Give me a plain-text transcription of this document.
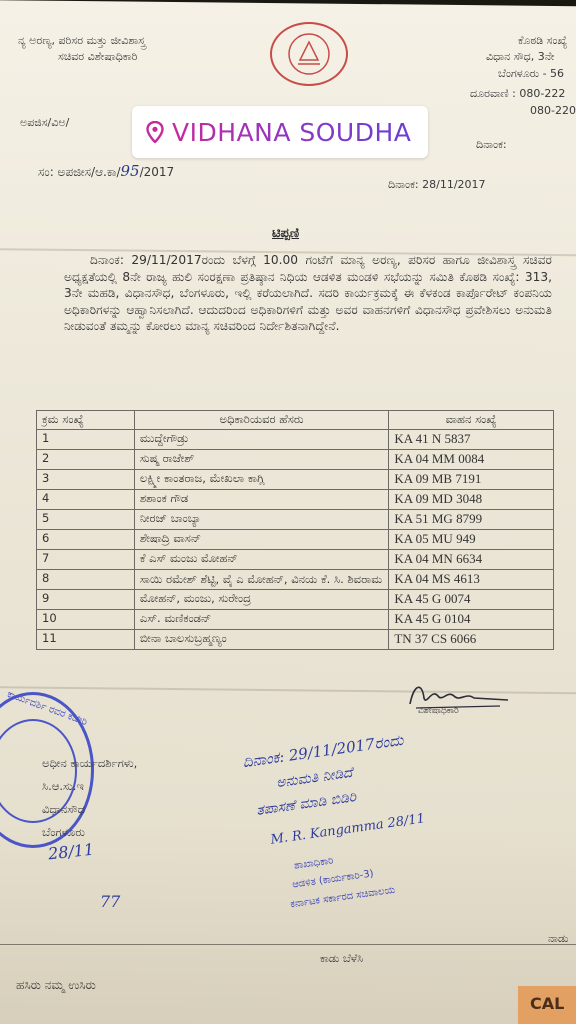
ನ್ಯ ಅರಣ್ಯ, ಪರಿಸರ ಮತ್ತು ಜೀವಿಶಾಸ್ತ್ರ
ಸಚಿವರ ವಿಶೇಷಾಧಿಕಾರಿ
ಕೊಠಡಿ ಸಂಖ್ಯೆ
ವಿಧಾನ ಸೌಧ, 3ನೇ
ಬೆಂಗಳೂರು - 56
ದೂರವಾಣಿ : 080-222
080-220
ಅಪಜಿಸ/ವಿಅ/
ಸಂ: ಅಪಜೀಸ/ಆ.ಕಾ/95/2017
ದಿನಾಂಕ:
ದಿನಾಂಕ: 28/11/2017
VIDHANA SOUDHA
ಟಿಪ್ಪಣಿ

ದಿನಾಂಕ: 29/11/2017ರಂದು ಬೆಳಗ್ಗೆ 10.00 ಗಂಟೆಗೆ ಮಾನ್ಯ ಅರಣ್ಯ, ಪರಿಸರ ಹಾಗೂ ಜೀವಿಶಾಸ್ತ್ರ ಸಚಿವರ ಅಧ್ಯಕ್ಷತೆಯಲ್ಲಿ 8ನೇ ರಾಜ್ಯ ಹುಲಿ ಸಂರಕ್ಷಣಾ ಪ್ರತಿಷ್ಠಾನ ನಿಧಿಯ ಆಡಳಿತ ಮಂಡಳಿ ಸಭೆಯನ್ನು ಸಮಿತಿ ಕೊಠಡಿ ಸಂಖ್ಯೆ: 313, 3ನೇ ಮಹಡಿ, ವಿಧಾನಸೌಧ, ಬೆಂಗಳೂರು, ಇಲ್ಲಿ ಕರೆಯಲಾಗಿದೆ. ಸದರಿ ಕಾರ್ಯಕ್ರಮಕ್ಕೆ ಈ ಕೆಳಕಂಡ ಕಾರ್ಪೊರೇಟ್ ಕಂಪನಿಯ ಅಧಿಕಾರಿಗಳನ್ನು ಆಹ್ವಾನಿಸಲಾಗಿದೆ. ಆದುದರಿಂದ ಅಧಿಕಾರಿಗಳಿಗೆ ಮತ್ತು ಅವರ ವಾಹನಗಳಿಗೆ ವಿಧಾನಸೌಧ ಪ್ರವೇಶಿಸಲು ಅನುಮತಿ ನೀಡುವಂತೆ ತಮ್ಮನ್ನು ಕೋರಲು ಮಾನ್ಯ ಸಚಿವರಿಂದ ನಿರ್ದೇಶಿತನಾಗಿದ್ದೇನೆ.

ಕ್ರಮ ಸಂಖ್ಯೆ	ಅಧಿಕಾರಿಯವರ ಹೆಸರು	ವಾಹನ ಸಂಖ್ಯೆ
1	ಮುದ್ದೇಗೌಡ್ರು	KA 41 N 5837
2	ಸುಷ್ಮ ರಾಜೇಶ್	KA 04 MM 0084
3	ಲಕ್ಷ್ಮೀ ಕಾಂತರಾಜ, ಮೇಖಲಾ ಕಾಗ್ಲಿ	KA 09 MB 7191
4	ಶಶಾಂಕ ಗೌಡ	KA 09 MD 3048
5	ನೀರಜ್ ಬಾಂಬ್ಯಾ	KA 51 MG 8799
6	ಶೇಷಾದ್ರಿ ವಾಸನ್	KA 05 MU 949
7	ಕೆ ಎಸ್ ಮಂಜು ಮೋಹನ್	KA 04 MN 6634
8	ಸಾಯಿ ರಮೇಶ್ ಶೆಟ್ಟಿ, ವೈ ಎ ಮೋಹನ್, ವಿನಯ ಕೆ. ಸಿ. ಶಿವರಾಮ	KA 04 MS 4613
9	ಮೋಹನ್, ಮಂಜು, ಸುರೇಂದ್ರ	KA 45 G 0074
10	ಎಸ್. ಮಣಿಕಂಡನ್	KA 45 G 0104
11	ಬೀನಾ ಬಾಲಸುಬ್ರಹ್ಮಣ್ಯಂ	TN 37 CS 6066
ವಿಶೇಷಾಧಿಕಾರಿ
ಕಾರ್ಯದರ್ಶಿ ರವರ ಕಚೇರಿ
ಅಧೀನ ಕಾರ್ಯದರ್ಶಿಗಳು,
ಸಿ.ಆ.ಸು.ಇ
ವಿಧಾನಸೌಧ
ಬೆಂಗಳೂರು
ದಿನಾಂಕ: 29/11/2017ರಂದು
ಅನುಮತಿ ನೀಡಿದೆ
ತಪಾಸಣೆ ಮಾಡಿ ಬಿಡಿರಿ
M. R. Kangamma 28/11
28/11
77
ಶಾಖಾಧಿಕಾರಿ
ಆಡಳಿತ (ಕಾರ್ಯಕಾರಿ-3)
ಕರ್ನಾಟಕ ಸರ್ಕಾರದ ಸಚಿವಾಲಯ
ನಾಡು
ಕಾಡು ಬೆಳೆಸಿ
ಹಸಿರು ನಮ್ಮ ಉಸಿರು
CAL
